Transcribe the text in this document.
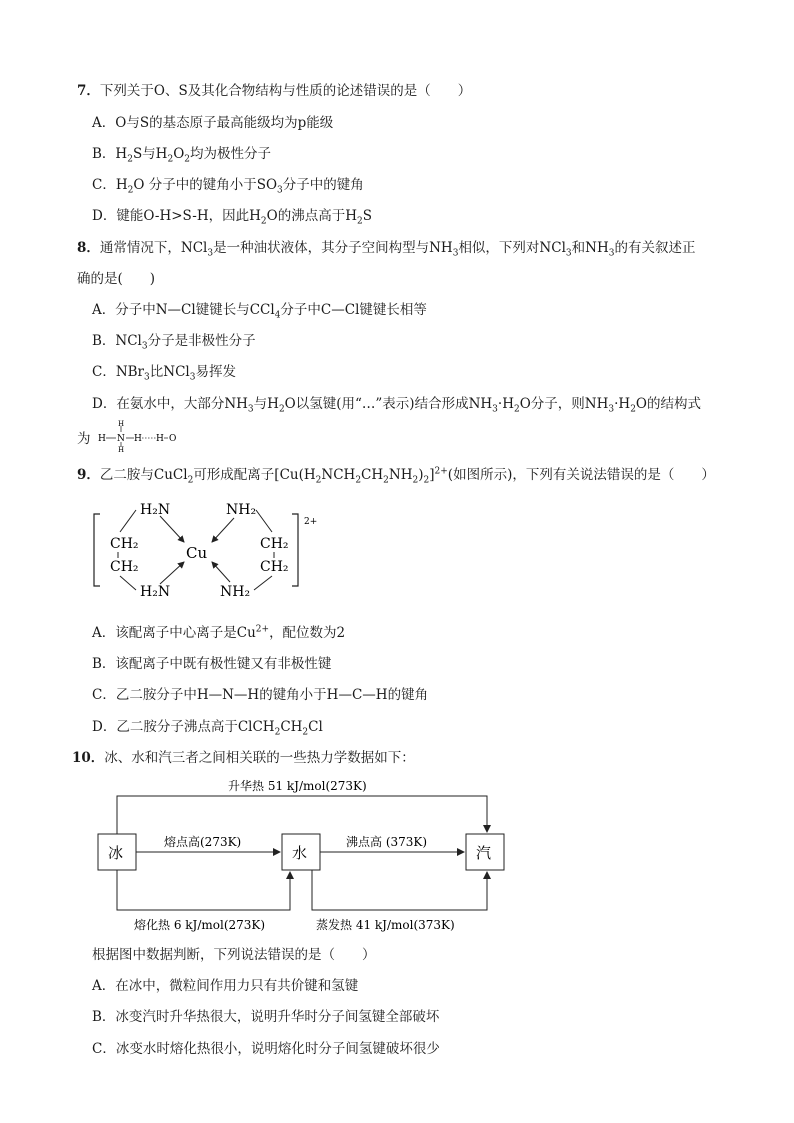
7．下列关于O、S及其化合物结构与性质的论述错误的是（　　）
A．O与S的基态原子最高能级均为p能级
B．$H_2S$与$H_2O_2$均为极性分子
C．$H_2O$ 分子中的键角小于$SO_3$分子中的键角
D．键能O-H>S-H，因此$H_2O$的沸点高于$H_2S$
8．通常情况下，NCl$_3$是一种油状液体，其分子空间构型与$NH_3$相似，下列对NCl$_3$和$NH_3$的有关叙述正
确的是(　　)
A．分子中N—Cl键键长与CCl$_4$分子中C—Cl键键长相等
B．NCl$_3$分子是非极性分子
C．NBr$_3$比NCl$_3$易挥发
D．在氨水中，大部分$NH_3$与$H_2O$以氢键(用“…”表示)结合形成$NH_3\cdot H_2O$分子，则$NH_3\cdot H_2O$的结构式
为 H N
H
H
H H O
9．乙二胺与CuCl$_2$可形成配离子$[Cu(H_2NCH_2CH_2NH_2)_2]^{2+}$(如图所示)，下列有关说法错误的是（　　）
2+
H₂N
CH₂
CH₂
H₂N
Cu
NH₂
CH₂
CH₂
NH₂
A．该配离子中心离子是$Cu^{2+}$，配位数为2
B．该配离子中既有极性键又有非极性键
C．乙二胺分子中H—N—H的键角小于H—C—H的键角
D．乙二胺分子沸点高于$ClCH_2CH_2Cl$
10．冰、水和汽三者之间相关联的一些热力学数据如下：
冰	水	汽
升华热 51 kJ/mol(273K)
熔点高(273K)	沸点高 (373K)
熔化热 6 kJ/mol(273K)	蒸发热 41 kJ/mol(373K)
根据图中数据判断，下列说法错误的是（　　）
A．在冰中，微粒间作用力只有共价键和氢键
B．冰变汽时升华热很大，说明升华时分子间氢键全部破坏
C．冰变水时熔化热很小，说明熔化时分子间氢键破坏很少
